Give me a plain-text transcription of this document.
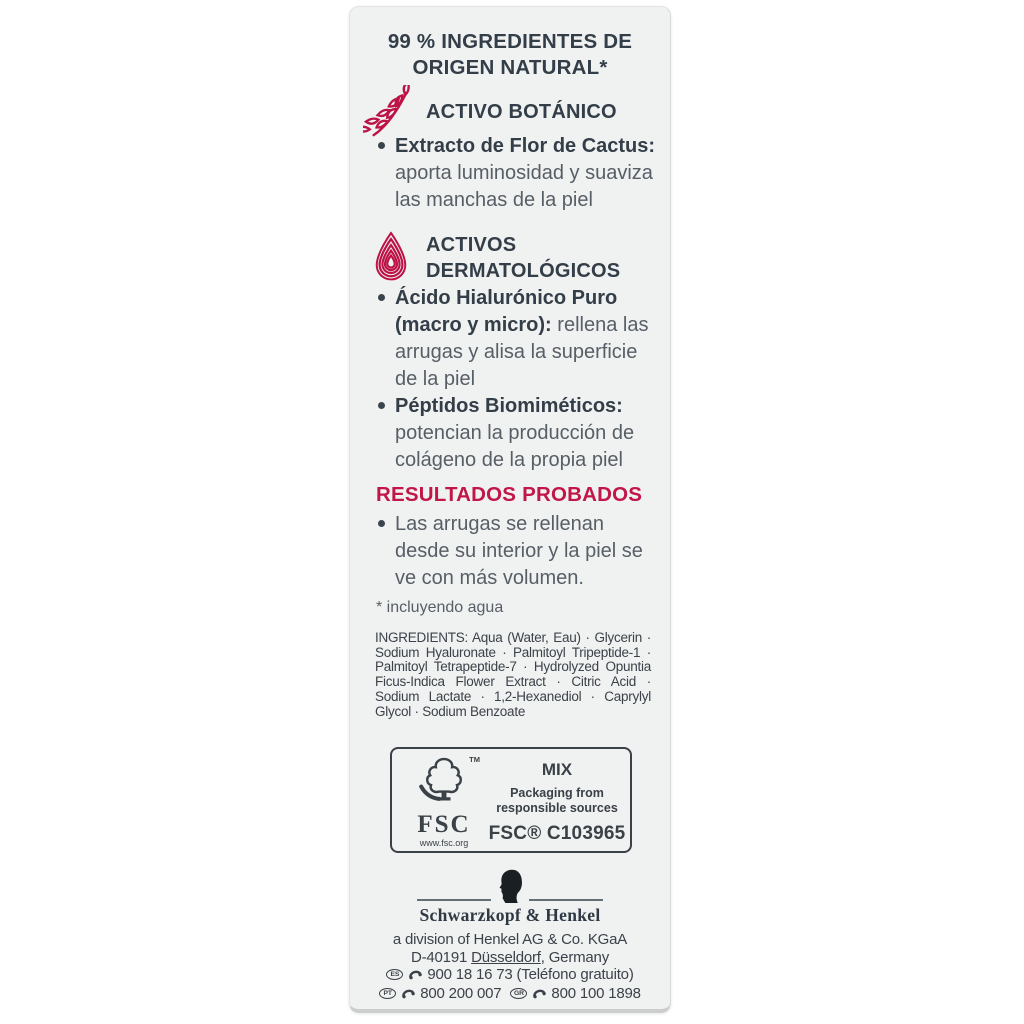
99 % INGREDIENTES DE
ORIGEN NATURAL*
ACTIVO BOTÁNICO
Extracto de Flor de Cactus: aporta luminosidad y suaviza las manchas de la piel
ACTIVOS
DERMATOLÓGICOS
Ácido Hialurónico Puro (macro y micro): rellena las arrugas y alisa la superficie de la piel
Péptidos Biomiméticos: potencian la producción de colágeno de la propia piel
RESULTADOS PROBADOS
Las arrugas se rellenan desde su interior y la piel se ve con más volumen.
* incluyendo agua
INGREDIENTS: Aqua (Water, Eau) · Glycerin · Sodium Hyaluronate · Palmitoyl Tripeptide-1 · Palmitoyl Tetrapeptide-7 · Hydrolyzed Opuntia Ficus-Indica Flower Extract · Citric Acid · Sodium Lactate · 1,2-Hexanediol · Caprylyl Glycol · Sodium Benzoate
TM
FSC
www.fsc.org
MIX
Packaging from
responsible sources
FSC® C103965
Schwarzkopf & Henkel
a division of Henkel AG & Co. KGaA
D-40191 Düsseldorf, Germany
ES 900 18 16 73 (Teléfono gratuito)
PT 800 200 007	GR 800 100 1898
